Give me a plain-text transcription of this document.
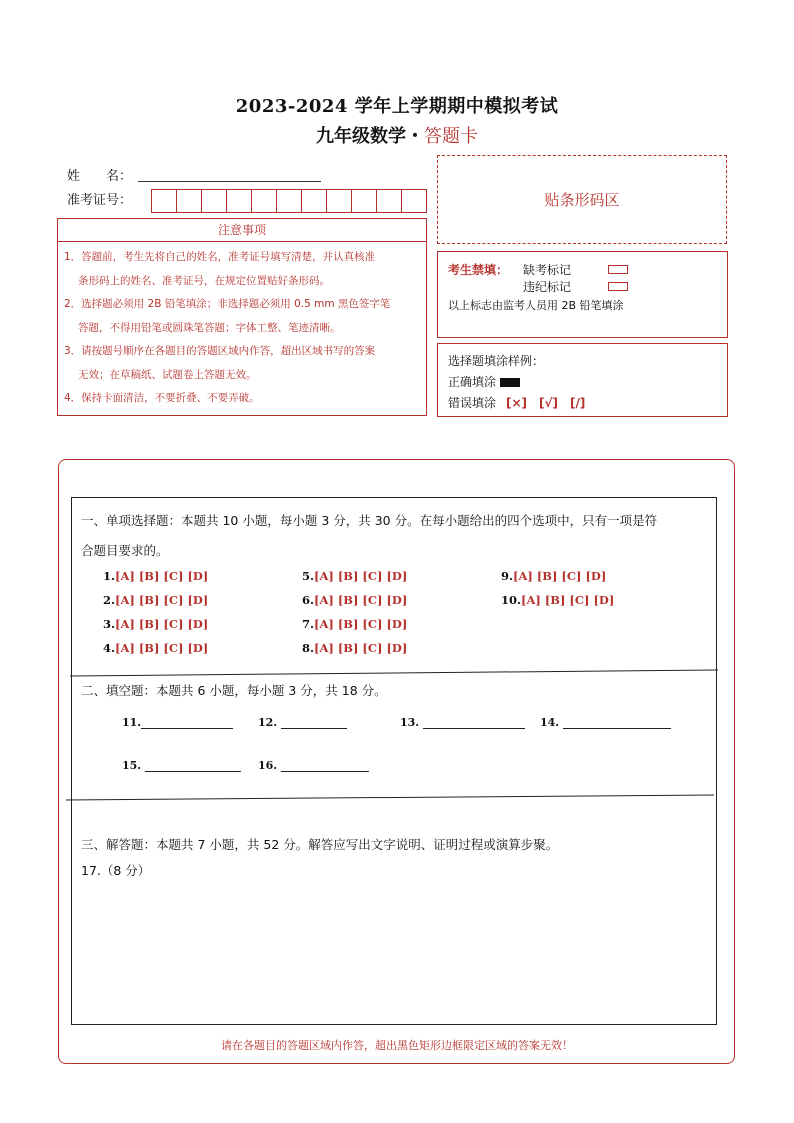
2023-2024 学年上学期期中模拟考试
九年级数学・答题卡
姓　　名：
准考证号：	贴条形码区
注意事项
1．答题前，考生先将自己的姓名，准考证号填写清楚，并认真核准
条形码上的姓名、准考证号，在规定位置贴好条形码。
2．选择题必须用 2B 铅笔填涂；非选择题必须用 0.5 mm 黑色签字笔
答题，不得用铅笔或圆珠笔答题；字体工整、笔迹清晰。
3．请按题号顺序在各题目的答题区域内作答，超出区域书写的答案
无效；在草稿纸、试题卷上答题无效。
4．保持卡面清洁，不要折叠、不要弄破。
考生禁填： 缺考标记
违纪标记
以上标志由监考人员用 2B 铅笔填涂
选择题填涂样例：
正确填涂
错误填涂 [×]　[√]　[/]
一、单项选择题：本题共 10 小题，每小题 3 分，共 30 分。在每小题给出的四个选项中，只有一项是符
合题目要求的。
1.[A] [B] [C] [D]
2.[A] [B] [C] [D]
3.[A] [B] [C] [D]
4.[A] [B] [C] [D]
5.[A] [B] [C] [D]
6.[A] [B] [C] [D]
7.[A] [B] [C] [D]
8.[A] [B] [C] [D]
9.[A] [B] [C] [D]
10.[A] [B] [C] [D]
二、填空题：本题共 6 小题，每小题 3 分，共 18 分。
11.	12.	13.	14.
15.	16.
三、解答题：本题共 7 小题，共 52 分。解答应写出文字说明、证明过程或演算步聚。
17.（8 分）
请在各题目的答题区域内作答，超出黑色矩形边框限定区域的答案无效！
